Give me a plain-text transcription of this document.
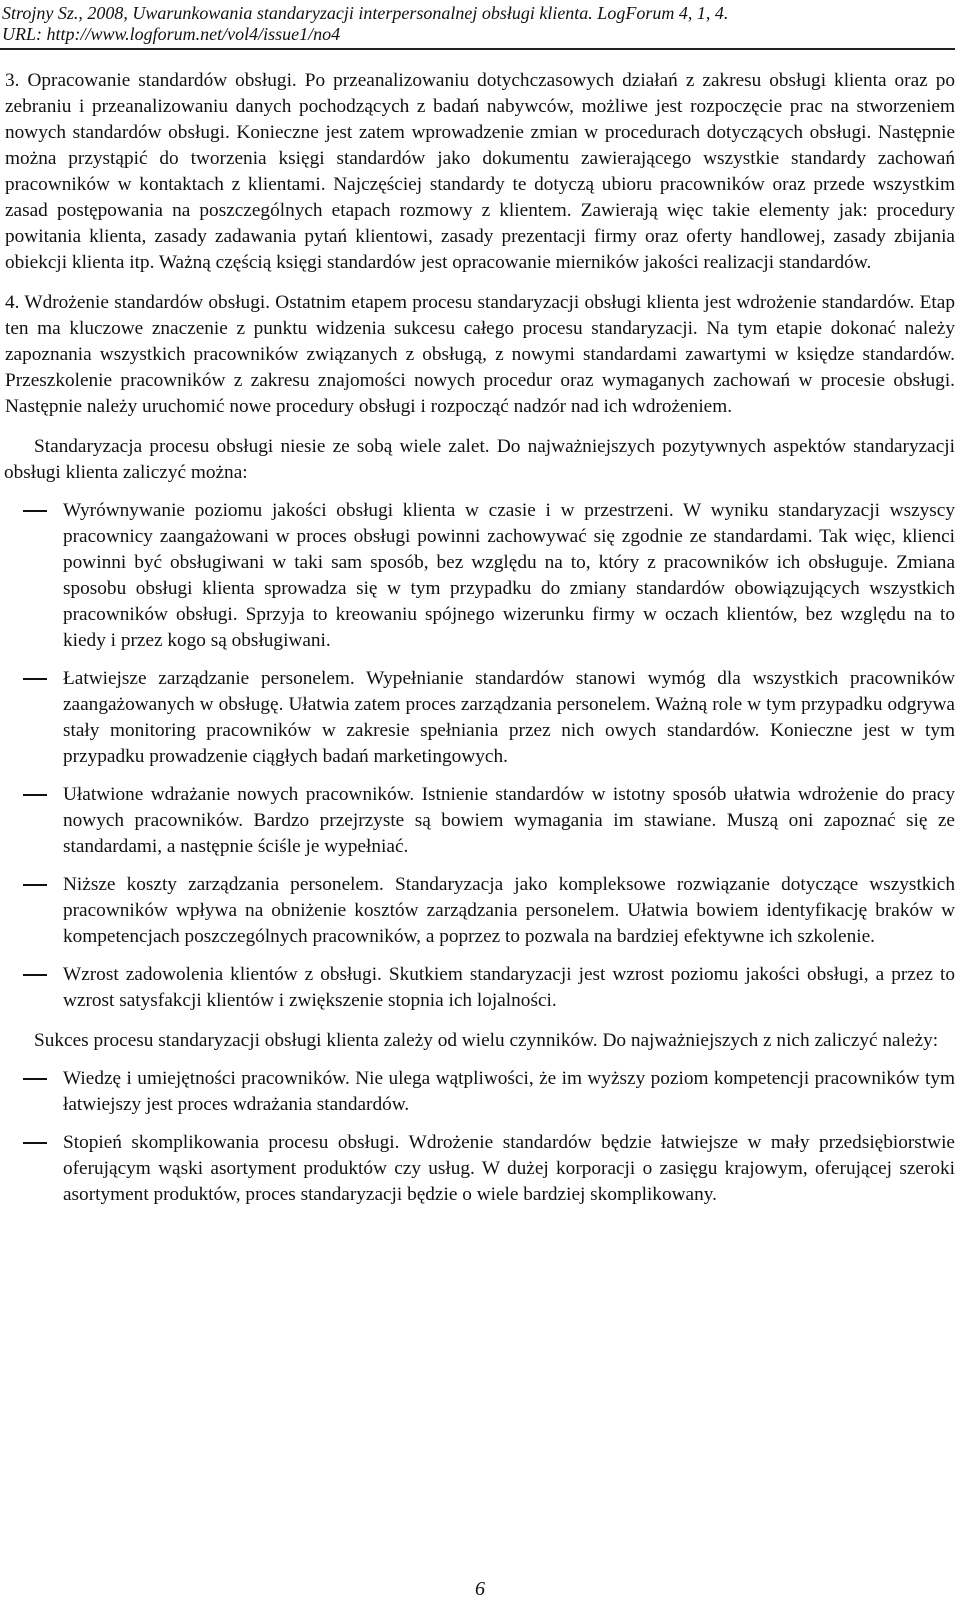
Strojny Sz., 2008, Uwarunkowania standaryzacji interpersonalnej obsługi klienta. LogForum 4, 1, 4.
URL: http://www.logforum.net/vol4/issue1/no4
3. Opracowanie standardów obsługi. Po przeanalizowaniu dotychczasowych działań z zakresu obsługi klienta oraz po zebraniu i przeanalizowaniu danych pochodzących z badań nabywców, możliwe jest rozpoczęcie prac na stworzeniem nowych standardów obsługi. Konieczne jest zatem wprowadzenie zmian w procedurach dotyczących obsługi. Następnie można przystąpić do tworzenia księgi standardów jako dokumentu zawierającego wszystkie standardy zachowań pracowników w kontaktach z klientami. Najczęściej standardy te dotyczą ubioru pracowników oraz przede wszystkim zasad postępowania na poszczególnych etapach rozmowy z klientem. Zawierają więc takie elementy jak: procedury powitania klienta, zasady zadawania pytań klientowi, zasady prezentacji firmy oraz oferty handlowej, zasady zbijania obiekcji klienta itp. Ważną częścią księgi standardów jest opracowanie mierników jakości realizacji standardów.
4. Wdrożenie standardów obsługi. Ostatnim etapem procesu standaryzacji obsługi klienta jest wdrożenie standardów. Etap ten ma kluczowe znaczenie z punktu widzenia sukcesu całego procesu standaryzacji. Na tym etapie dokonać należy zapoznania wszystkich pracowników związanych z obsługą, z nowymi standardami zawartymi w księdze standardów. Przeszkolenie pracowników z zakresu znajomości nowych procedur oraz wymaganych zachowań w procesie obsługi. Następnie należy uruchomić nowe procedury obsługi i rozpocząć nadzór nad ich wdrożeniem.
Standaryzacja procesu obsługi niesie ze sobą wiele zalet. Do najważniejszych pozytywnych aspektów standaryzacji obsługi klienta zaliczyć można:
Wyrównywanie poziomu jakości obsługi klienta w czasie i w przestrzeni. W wyniku standaryzacji wszyscy pracownicy zaangażowani w proces obsługi powinni zachowywać się zgodnie ze standardami. Tak więc, klienci powinni być obsługiwani w taki sam sposób, bez względu na to, który z pracowników ich obsługuje. Zmiana sposobu obsługi klienta sprowadza się w tym przypadku do zmiany standardów obowiązujących wszystkich pracowników obsługi. Sprzyja to kreowaniu spójnego wizerunku firmy w oczach klientów, bez względu na to kiedy i przez kogo są obsługiwani.
Łatwiejsze zarządzanie personelem. Wypełnianie standardów stanowi wymóg dla wszystkich pracowników zaangażowanych w obsługę. Ułatwia zatem proces zarządzania personelem. Ważną role w tym przypadku odgrywa stały monitoring pracowników w zakresie spełniania przez nich owych standardów. Konieczne jest w tym przypadku prowadzenie ciągłych badań marketingowych.
Ułatwione wdrażanie nowych pracowników. Istnienie standardów w istotny sposób ułatwia wdrożenie do pracy nowych pracowników. Bardzo przejrzyste są bowiem wymagania im stawiane. Muszą oni zapoznać się ze standardami, a następnie ściśle je wypełniać.
Niższe koszty zarządzania personelem. Standaryzacja jako kompleksowe rozwiązanie dotyczące wszystkich pracowników wpływa na obniżenie kosztów zarządzania personelem. Ułatwia bowiem identyfikację braków w kompetencjach poszczególnych pracowników, a poprzez to pozwala na bardziej efektywne ich szkolenie.
Wzrost zadowolenia klientów z obsługi. Skutkiem standaryzacji jest wzrost poziomu jakości obsługi, a przez to wzrost satysfakcji klientów i zwiększenie stopnia ich lojalności.
Sukces procesu standaryzacji obsługi klienta zależy od wielu czynników. Do najważniejszych z nich zaliczyć należy:
Wiedzę i umiejętności pracowników. Nie ulega wątpliwości, że im wyższy poziom kompetencji pracowników tym łatwiejszy jest proces wdrażania standardów.
Stopień skomplikowania procesu obsługi. Wdrożenie standardów będzie łatwiejsze w mały przedsiębiorstwie oferującym wąski asortyment produktów czy usług. W dużej korporacji o zasięgu krajowym, oferującej szeroki asortyment produktów, proces standaryzacji będzie o wiele bardziej skomplikowany.
6
